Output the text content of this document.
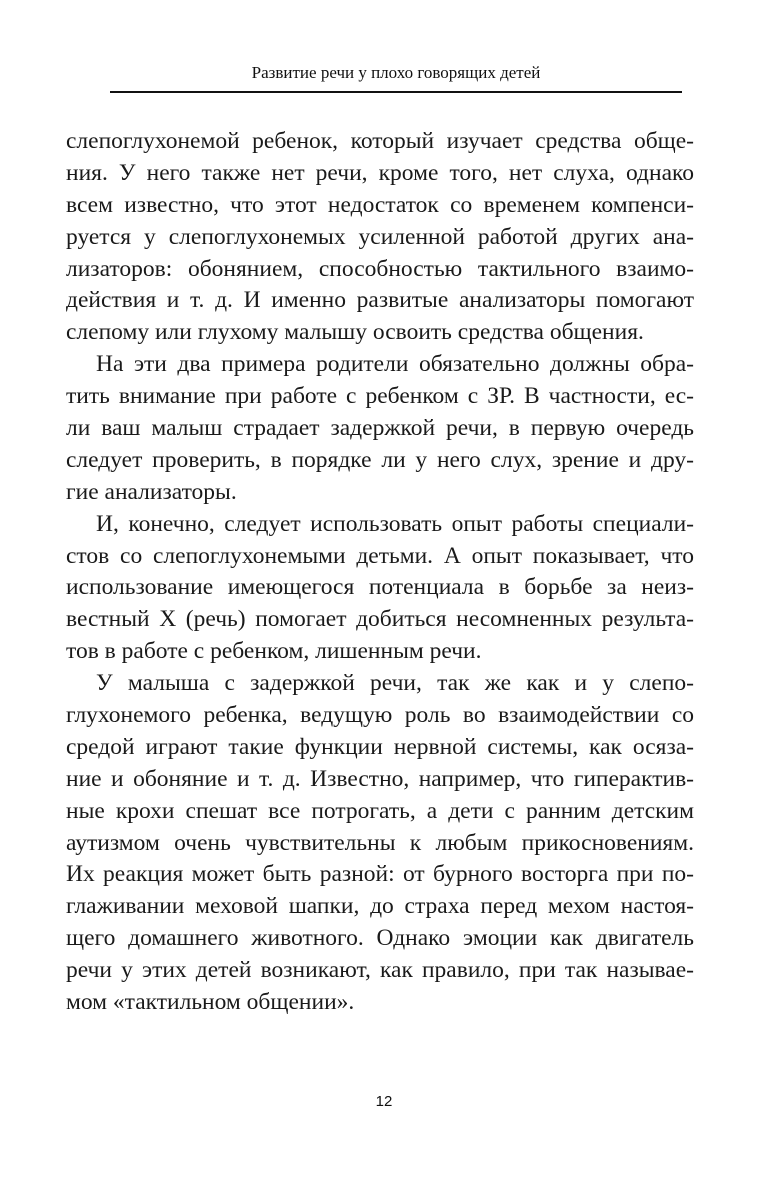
Развитие речи у плохо говорящих детей
слепоглухонемой ребенок, который изучает средства обще-
ния. У него также нет речи, кроме того, нет слуха, однако
всем известно, что этот недостаток со временем компенси-
руется у слепоглухонемых усиленной работой других ана-
лизаторов: обонянием, способностью тактильного взаимо-
действия и т. д. И именно развитые анализаторы помогают
слепому или глухому малышу освоить средства общения.
На эти два примера родители обязательно должны обра-
тить внимание при работе с ребенком с ЗР. В частности, ес-
ли ваш малыш страдает задержкой речи, в первую очередь
следует проверить, в порядке ли у него слух, зрение и дру-
гие анализаторы.
И, конечно, следует использовать опыт работы специали-
стов со слепоглухонемыми детьми. А опыт показывает, что
использование имеющегося потенциала в борьбе за неиз-
вестный Х (речь) помогает добиться несомненных результа-
тов в работе с ребенком, лишенным речи.
У малыша с задержкой речи, так же как и у слепо-
глухонемого ребенка, ведущую роль во взаимодействии со
средой играют такие функции нервной системы, как осяза-
ние и обоняние и т. д. Известно, например, что гиперактив-
ные крохи спешат все потрогать, а дети с ранним детским
аутизмом очень чувствительны к любым прикосновениям.
Их реакция может быть разной: от бурного восторга при по-
глаживании меховой шапки, до страха перед мехом настоя-
щего домашнего животного. Однако эмоции как двигатель
речи у этих детей возникают, как правило, при так называе-
мом «тактильном общении».
12
